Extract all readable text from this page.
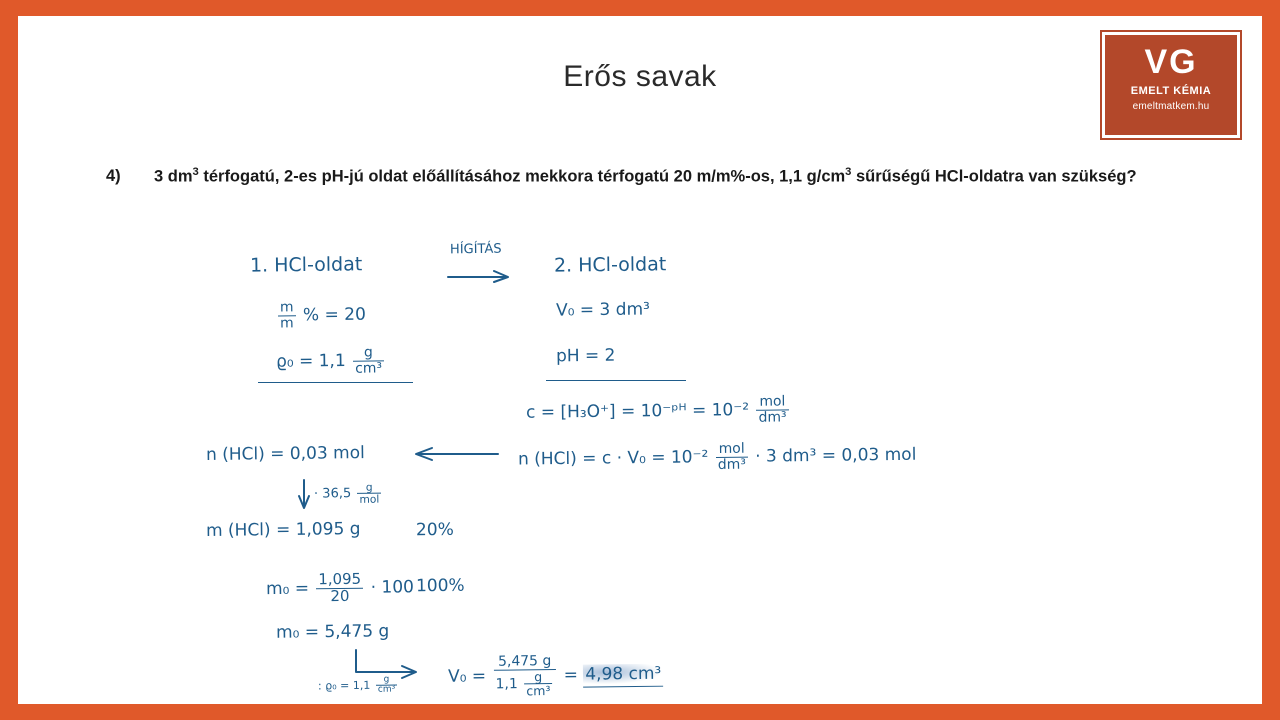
Erős savak	VG
EMELT KÉMIA
emeltmatkem.hu
4)	3 $dm^3$ térfogatú, 2-es pH-jú oldat előállításához mekkora térfogatú 20 m/m%-os, 1,1 $g/cm^3$ sűrűségű HCl-oldatra van szükség?
1. HCl-oldat
HÍGÍTÁS
2. HCl-oldat
$\frac{m}{m}$ % = 20
$ϱ_0 = 1,1 \frac{g}{\text{cm³}}$
V₀ = 3 dm³
pH = 2
c = [H₃O⁺] = 10⁻ᵖᴴ = $10^{-2} \frac{\text{mol}}{\text{dm³}}$
n (HCl) = 0,03 mol	n $(HCl) = c \cdot V_0 = 10^{-2} \frac{\text{mol}}{\text{dm³}} \cdot 3$ dm³ = 0,03 mol
· $36,5 \frac{g}{\text{mol}}$
m (HCl) = 1,095 g	20%
$m_0 = \frac{1,095}{20} \cdot 100$ 100%
m₀ = 5,475 g
: $ϱ_0 = 1,1 \frac{g}{\text{cm³}}$	$V_0 = \frac{5,475 g}{1,1 \frac{g}{\text{cm³}}} = 4,98$ cm³
